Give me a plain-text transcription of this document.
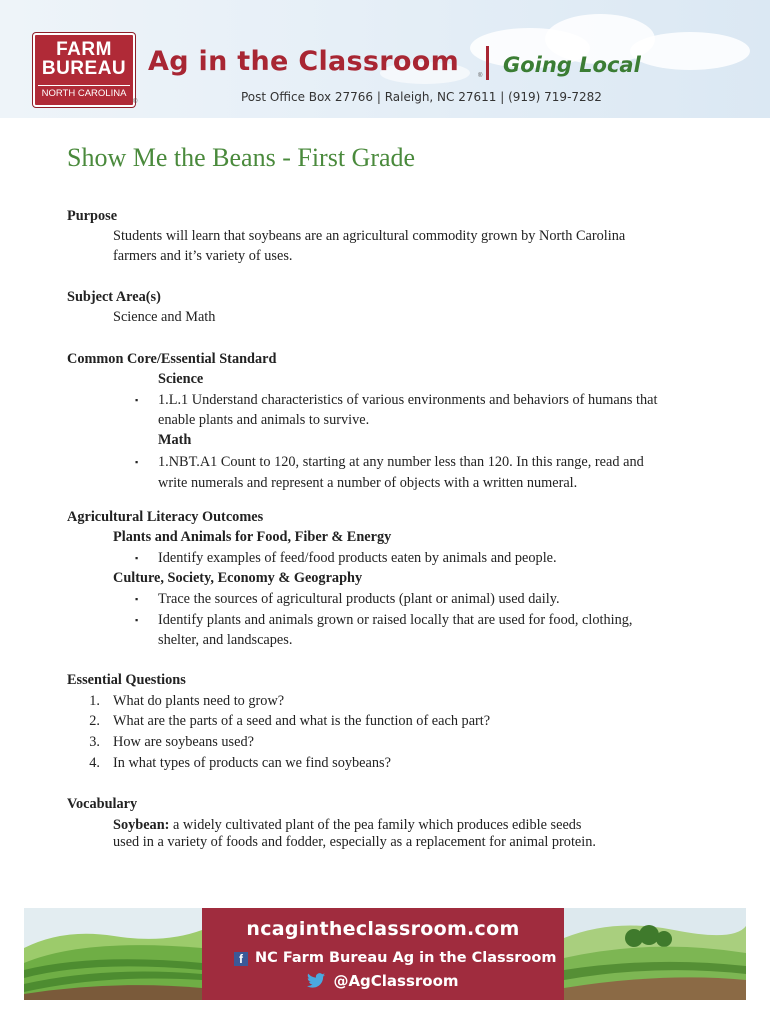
FARM
BUREAU
NORTH CAROLINA
®
Ag in the Classroom	® Going Local
Post Office Box 27766 | Raleigh, NC 27611 | (919) 719-7282
Show Me the Beans - First Grade
Purpose
Students will learn that soybeans are an agricultural commodity grown by North Carolina
farmers and it’s variety of uses.
Subject Area(s)
Science and Math
Common Core/Essential Standard
Science
▪ 1.L.1 Understand characteristics of various environments and behaviors of humans that
enable plants and animals to survive.
Math
▪ 1.NBT.A1 Count to 120, starting at any number less than 120. In this range, read and
write numerals and represent a number of objects with a written numeral.
Agricultural Literacy Outcomes
Plants and Animals for Food, Fiber & Energy
▪ Identify examples of feed/food products eaten by animals and people.
Culture, Society, Economy & Geography
▪ Trace the sources of agricultural products (plant or animal) used daily.
▪ Identify plants and animals grown or raised locally that are used for food, clothing,
shelter, and landscapes.
Essential Questions
1. What do plants need to grow?
2. What are the parts of a seed and what is the function of each part?
3. How are soybeans used?
4. In what types of products can we find soybeans?
Vocabulary
Soybean: a widely cultivated plant of the pea family which produces edible seeds
used in a variety of foods and fodder, especially as a replacement for animal protein.
ncagintheclassroom.com
f NC Farm Bureau Ag in the Classroom
@AgClassroom
